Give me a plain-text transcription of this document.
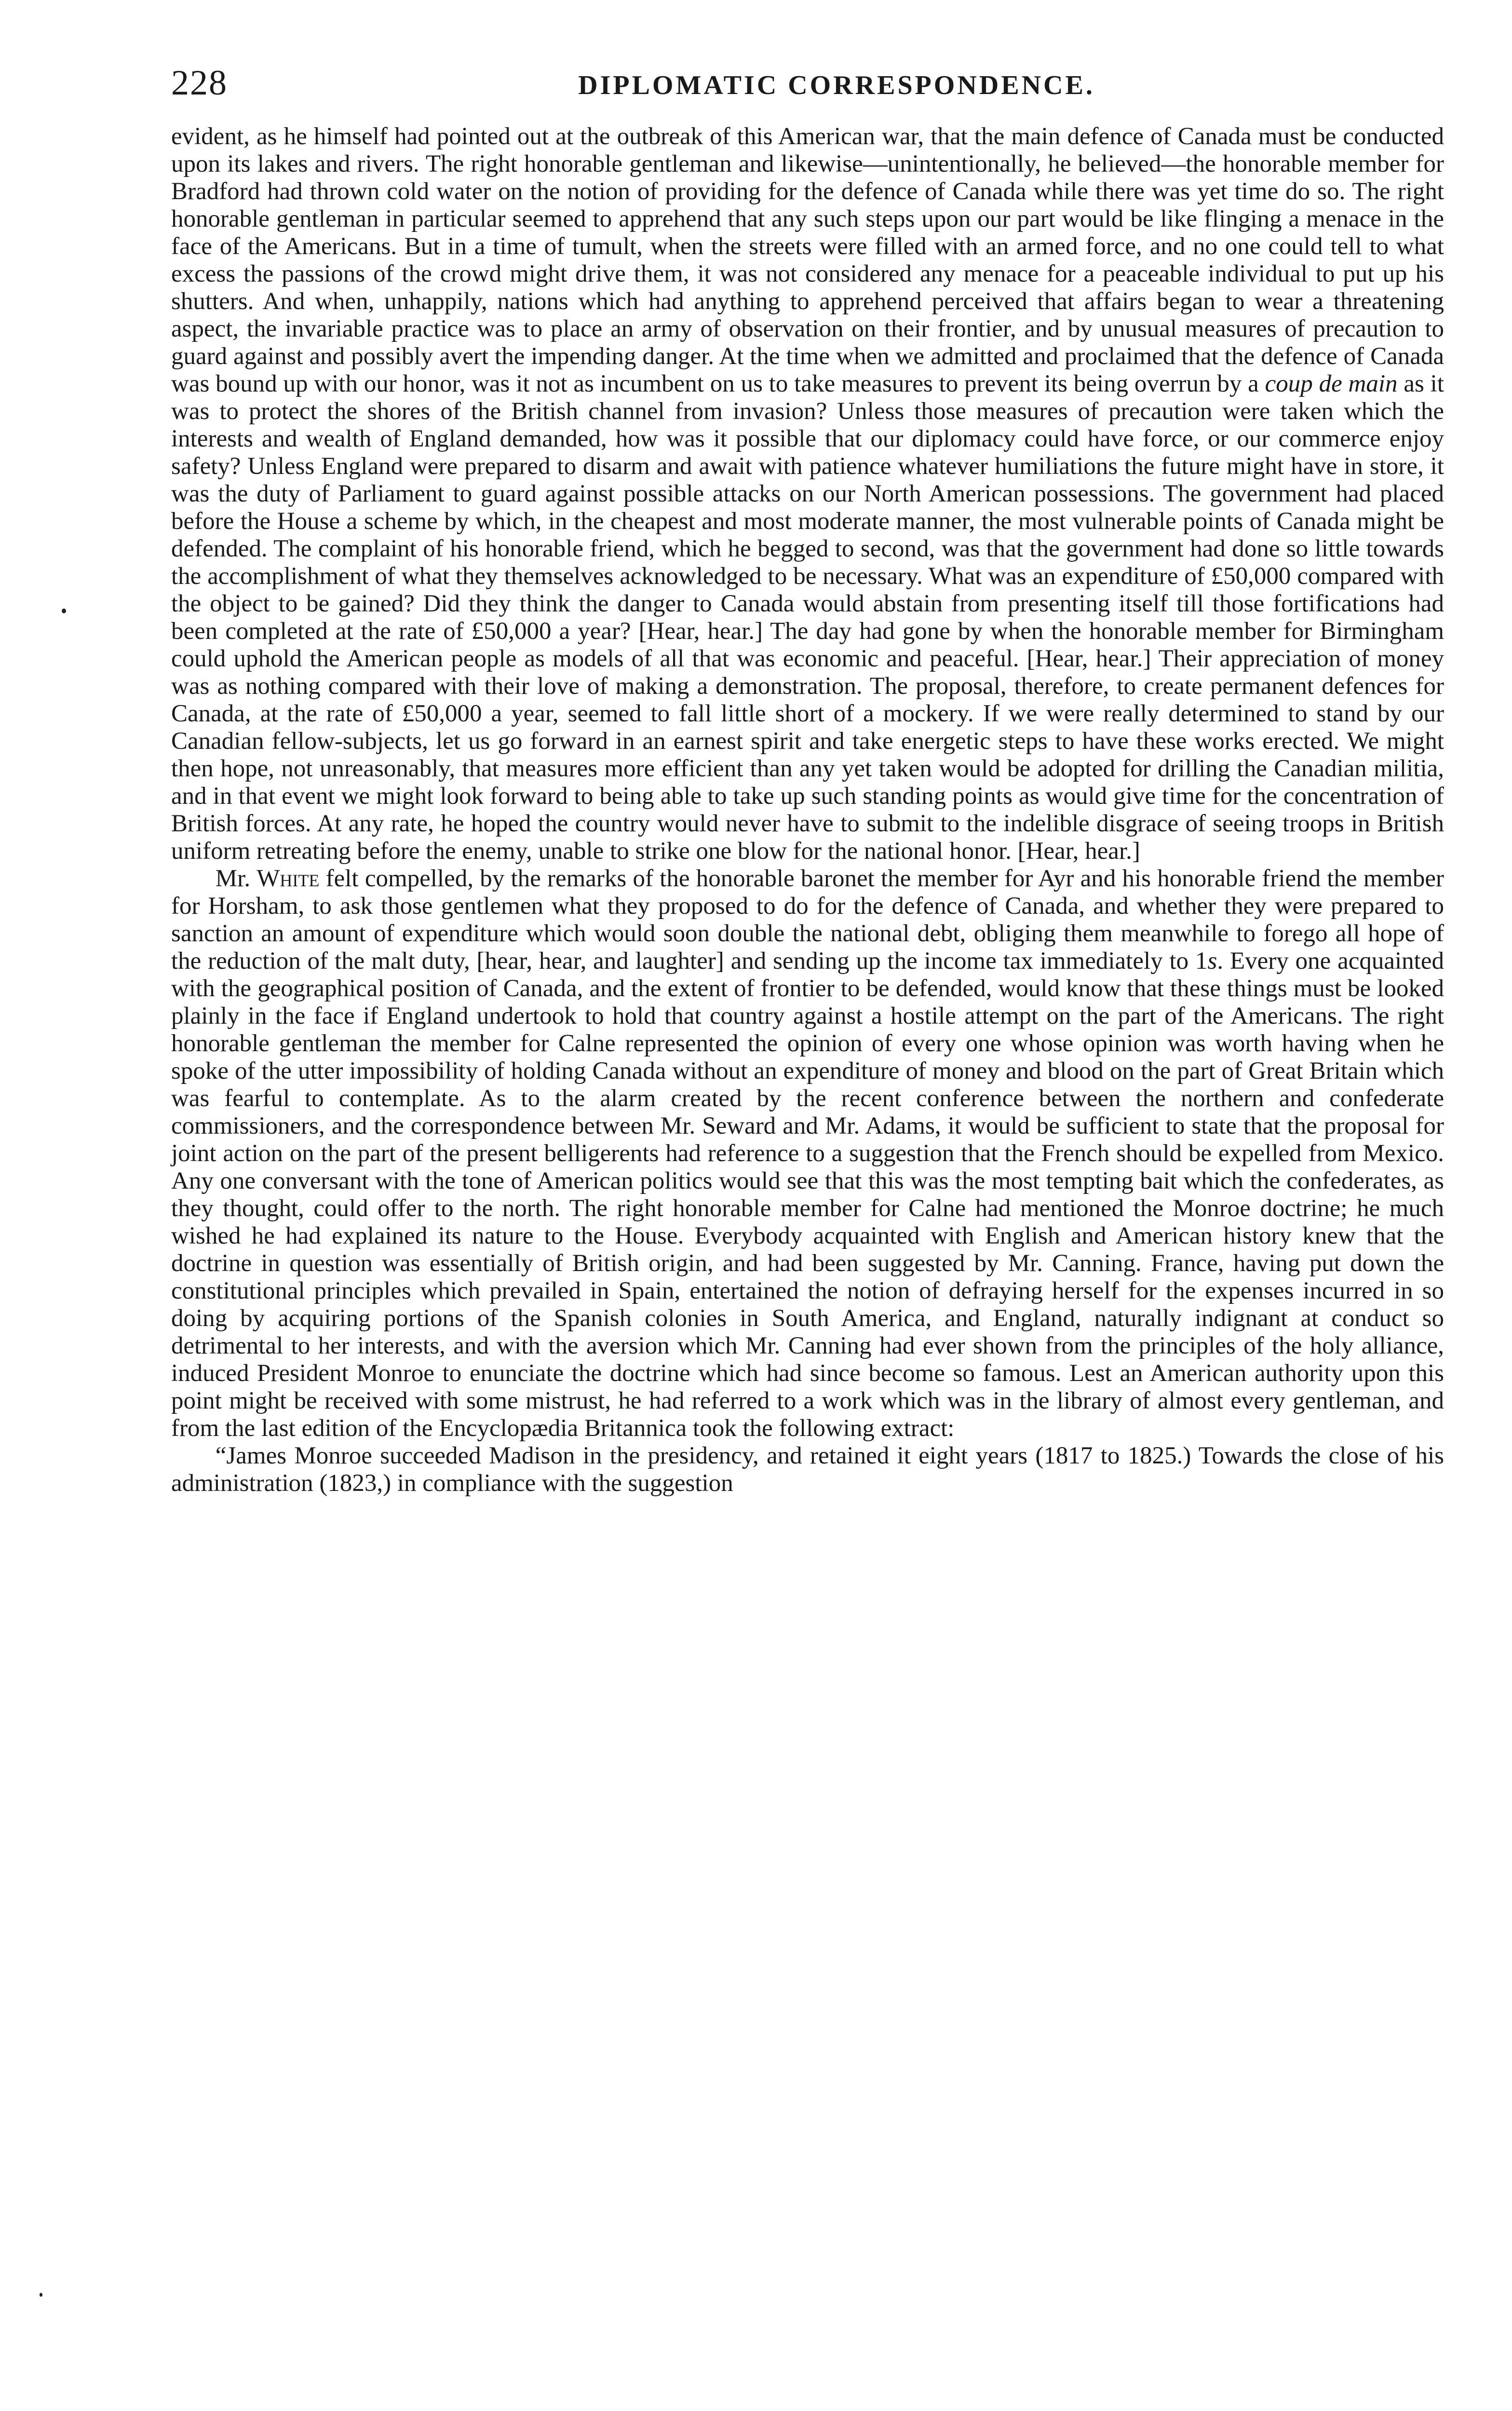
228	DIPLOMATIC CORRESPONDENCE.

evident, as he himself had pointed out at the outbreak of this American war, that the main defence of Canada must be conducted upon its lakes and rivers. The right honorable gentleman and likewise—unintentionally, he believed—the honorable member for Bradford had thrown cold water on the notion of providing for the defence of Canada while there was yet time do so. The right honorable gentleman in particular seemed to apprehend that any such steps upon our part would be like flinging a menace in the face of the Americans. But in a time of tumult, when the streets were filled with an armed force, and no one could tell to what excess the passions of the crowd might drive them, it was not considered any menace for a peaceable individual to put up his shutters. And when, unhappily, nations which had anything to apprehend perceived that affairs began to wear a threatening aspect, the invariable practice was to place an army of observation on their frontier, and by unusual measures of precaution to guard against and possibly avert the impending danger. At the time when we admitted and proclaimed that the defence of Canada was bound up with our honor, was it not as incumbent on us to take measures to prevent its being overrun by a coup de main as it was to protect the shores of the British channel from invasion? Unless those measures of precaution were taken which the interests and wealth of England demanded, how was it possible that our diplomacy could have force, or our commerce enjoy safety? Unless England were prepared to disarm and await with patience whatever humiliations the future might have in store, it was the duty of Parliament to guard against possible attacks on our North American possessions. The government had placed before the House a scheme by which, in the cheapest and most moderate manner, the most vulnerable points of Canada might be defended. The complaint of his honorable friend, which he begged to second, was that the government had done so little towards the accomplishment of what they themselves acknowledged to be necessary. What was an expenditure of £50,000 compared with the object to be gained? Did they think the danger to Canada would abstain from presenting itself till those fortifications had been completed at the rate of £50,000 a year? [Hear, hear.] The day had gone by when the honorable member for Birmingham could uphold the American people as models of all that was economic and peaceful. [Hear, hear.] Their appreciation of money was as nothing compared with their love of making a demonstration. The proposal, therefore, to create permanent defences for Canada, at the rate of £50,000 a year, seemed to fall little short of a mockery. If we were really determined to stand by our Canadian fellow-subjects, let us go forward in an earnest spirit and take energetic steps to have these works erected. We might then hope, not unreasonably, that measures more efficient than any yet taken would be adopted for drilling the Canadian militia, and in that event we might look forward to being able to take up such standing points as would give time for the concentration of British forces. At any rate, he hoped the country would never have to submit to the indelible disgrace of seeing troops in British uniform retreating before the enemy, unable to strike one blow for the national honor. [Hear, hear.]

Mr. White felt compelled, by the remarks of the honorable baronet the member for Ayr and his honorable friend the member for Horsham, to ask those gentlemen what they proposed to do for the defence of Canada, and whether they were prepared to sanction an amount of expenditure which would soon double the national debt, obliging them meanwhile to forego all hope of the reduction of the malt duty, [hear, hear, and laughter] and sending up the income tax immediately to 1s. Every one acquainted with the geographical position of Canada, and the extent of frontier to be defended, would know that these things must be looked plainly in the face if England undertook to hold that country against a hostile attempt on the part of the Americans. The right honorable gentleman the member for Calne represented the opinion of every one whose opinion was worth having when he spoke of the utter impossibility of holding Canada without an expenditure of money and blood on the part of Great Britain which was fearful to contemplate. As to the alarm created by the recent conference between the northern and confederate commissioners, and the correspondence between Mr. Seward and Mr. Adams, it would be sufficient to state that the proposal for joint action on the part of the present belligerents had reference to a suggestion that the French should be expelled from Mexico. Any one conversant with the tone of American politics would see that this was the most tempting bait which the confederates, as they thought, could offer to the north. The right honorable member for Calne had mentioned the Monroe doctrine; he much wished he had explained its nature to the House. Everybody acquainted with English and American history knew that the doctrine in question was essentially of British origin, and had been suggested by Mr. Canning. France, having put down the constitutional principles which prevailed in Spain, entertained the notion of defraying herself for the expenses incurred in so doing by acquiring portions of the Spanish colonies in South America, and England, naturally indignant at conduct so detrimental to her interests, and with the aversion which Mr. Canning had ever shown from the principles of the holy alliance, induced President Monroe to enunciate the doctrine which had since become so famous. Lest an American authority upon this point might be received with some mistrust, he had referred to a work which was in the library of almost every gentleman, and from the last edition of the Encyclopædia Britannica took the following extract:

“James Monroe succeeded Madison in the presidency, and retained it eight years (1817 to 1825.) Towards the close of his administration (1823,) in compliance with the suggestion
